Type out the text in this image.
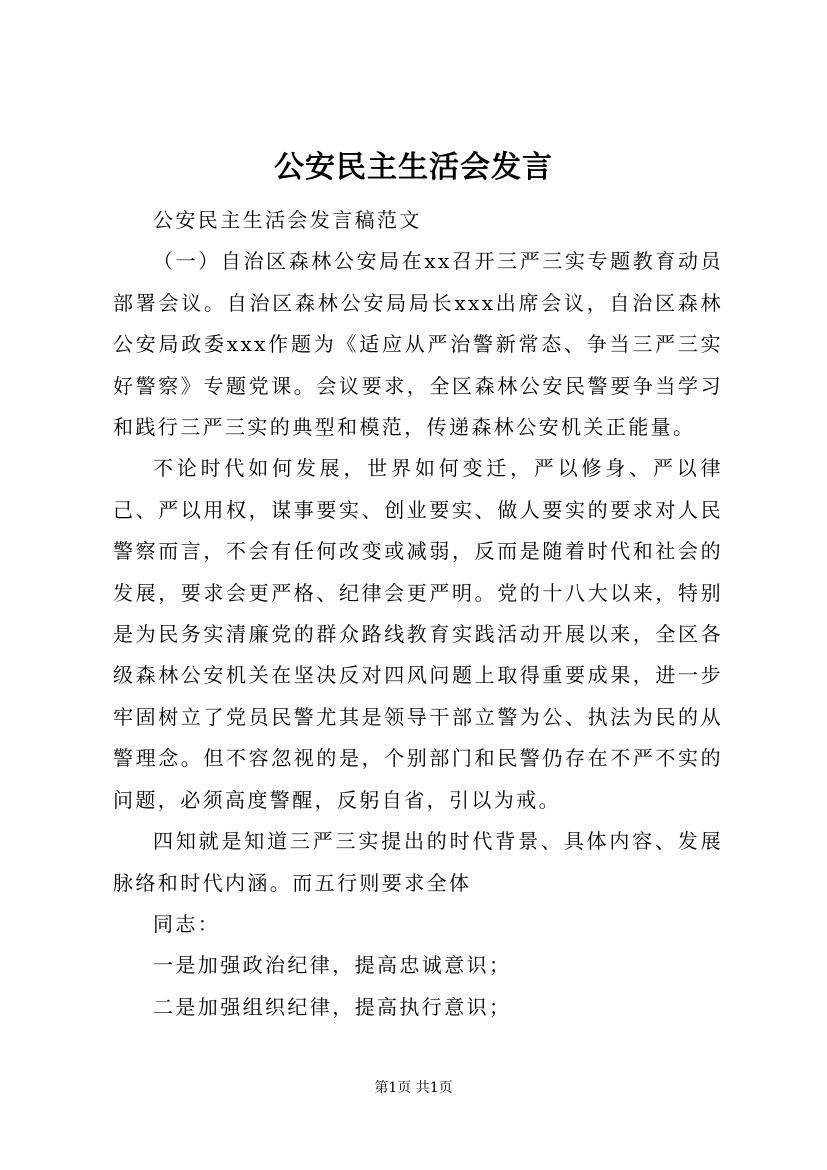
公安民主生活会发言

公安民主生活会发言稿范文

（一）自治区森林公安局在xx召开三严三实专题教育动员部署会议。自治区森林公安局局长xxx出席会议，自治区森林公安局政委xxx作题为《适应从严治警新常态、争当三严三实好警察》专题党课。会议要求，全区森林公安民警要争当学习和践行三严三实的典型和模范，传递森林公安机关正能量。

不论时代如何发展，世界如何变迁，严以修身、严以律己、严以用权，谋事要实、创业要实、做人要实的要求对人民警察而言，不会有任何改变或减弱，反而是随着时代和社会的发展，要求会更严格、纪律会更严明。党的十八大以来，特别是为民务实清廉党的群众路线教育实践活动开展以来，全区各级森林公安机关在坚决反对四风问题上取得重要成果，进一步牢固树立了党员民警尤其是领导干部立警为公、执法为民的从警理念。但不容忽视的是，个别部门和民警仍存在不严不实的问题，必须高度警醒，反躬自省，引以为戒。

四知就是知道三严三实提出的时代背景、具体内容、发展脉络和时代内涵。而五行则要求全体

同志：

一是加强政治纪律，提高忠诚意识；

二是加强组织纪律，提高执行意识；

第1页 共1页
